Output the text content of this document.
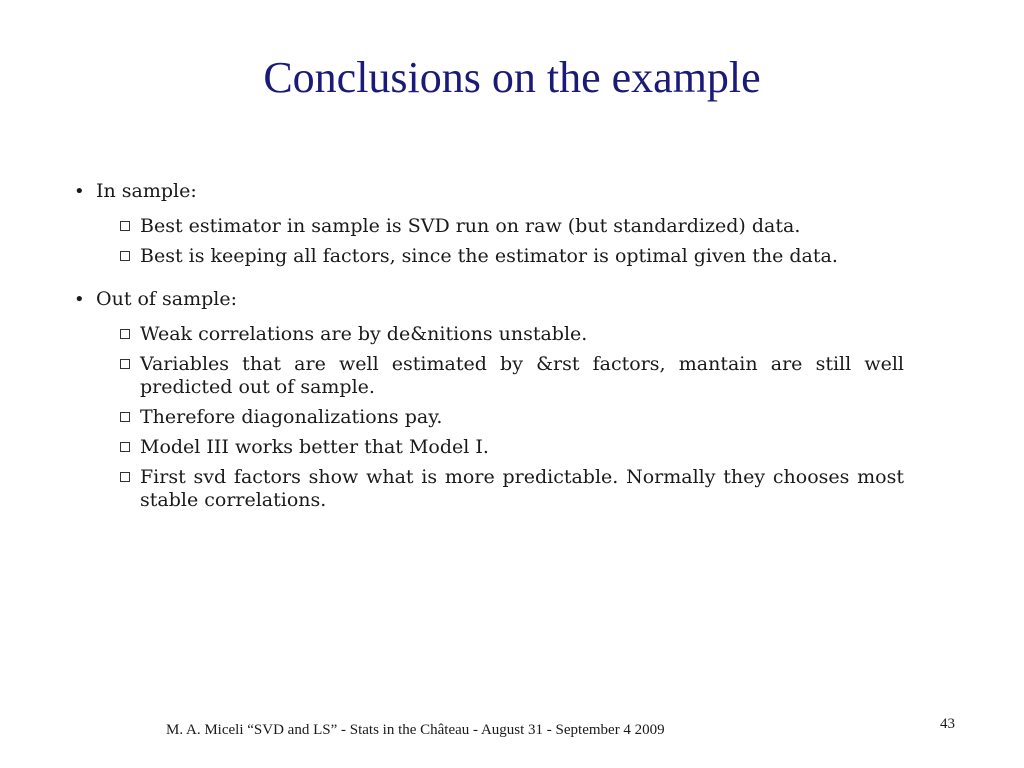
Conclusions on the example
• In sample:
Best estimator in sample is SVD run on raw (but standardized) data.
Best is keeping all factors, since the estimator is optimal given the data.
• Out of sample:
Weak correlations are by de&nitions unstable.
Variables that are well estimated by &rst factors, mantain are still well predicted out of sample.
Therefore diagonalizations pay.
Model III works better that Model I.
First svd factors show what is more predictable. Normally they chooses most stable correlations.
M. A. Miceli “SVD and LS” - Stats in the Château - August 31 - September 4 2009	43
